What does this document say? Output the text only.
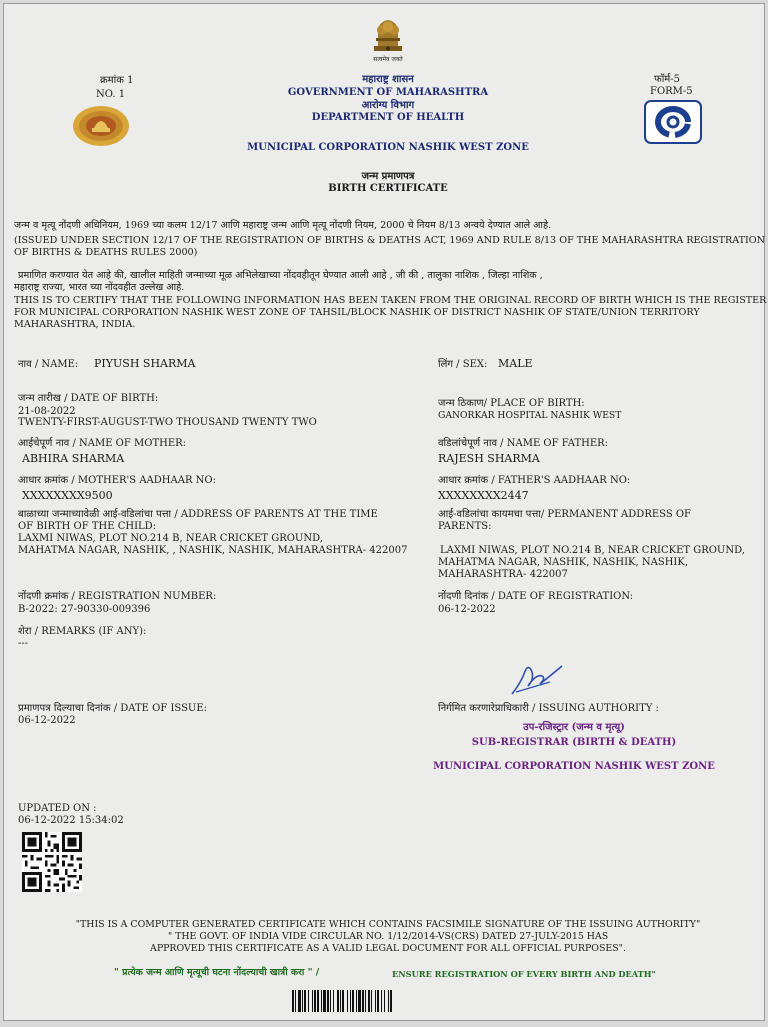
सत्यमेव जयते
क्रमांक 1
NO. 1
फॉर्म-5
FORM-5
महाराष्ट्र शासन
GOVERNMENT OF MAHARASHTRA
आरोग्य विभाग
DEPARTMENT OF HEALTH
MUNICIPAL CORPORATION NASHIK WEST ZONE
जन्म प्रमाणपत्र
BIRTH CERTIFICATE
जन्म व मृत्यू नोंदणी अधिनियम, 1969 च्या कलम 12/17 आणि महाराष्ट्र जन्म आणि मृत्यू नोंदणी नियम, 2000 चे नियम 8/13 अन्वये देण्यात आले आहे.
(ISSUED UNDER SECTION 12/17 OF THE REGISTRATION OF BIRTHS & DEATHS ACT, 1969 AND RULE 8/13 OF THE MAHARASHTRA REGISTRATION
OF BIRTHS & DEATHS RULES 2000)
प्रमाणित करण्यात येत आहे की, खालील माहिती जन्माच्या मूळ अभिलेखाच्या नोंदवहीतून घेण्यात आली आहे , जी की , तालुका नाशिक , जिल्हा नाशिक ,
महाराष्ट्र राज्या, भारत च्या नोंदवहीत उल्लेख आहे.
THIS IS TO CERTIFY THAT THE FOLLOWING INFORMATION HAS BEEN TAKEN FROM THE ORIGINAL RECORD OF BIRTH WHICH IS THE REGISTER
FOR MUNICIPAL CORPORATION NASHIK WEST ZONE OF TAHSIL/BLOCK NASHIK OF DISTRICT NASHIK OF STATE/UNION TERRITORY
MAHARASHTRA, INDIA.
नाव / NAME: PIYUSH SHARMA
जन्म तारीख / DATE OF BIRTH:
21-08-2022
TWENTY-FIRST-AUGUST-TWO THOUSAND TWENTY TWO
आईचेपूर्ण नाव / NAME OF MOTHER:
ABHIRA SHARMA
आधार क्रमांक / MOTHER'S AADHAAR NO:
XXXXXXXX9500
बाळाच्या जन्माच्यावेळी आई-वडिलांचा पत्ता / ADDRESS OF PARENTS AT THE TIME
OF BIRTH OF THE CHILD:
LAXMI NIWAS, PLOT NO.214 B, NEAR CRICKET GROUND,
MAHATMA NAGAR, NASHIK, , NASHIK, NASHIK, MAHARASHTRA- 422007
नोंदणी क्रमांक / REGISTRATION NUMBER:
B-2022: 27-90330-009396
शेरा / REMARKS (IF ANY):
---
प्रमाणपत्र दिल्याचा दिनांक / DATE OF ISSUE:
06-12-2022
लिंग / SEX: MALE
जन्म ठिकाण/ PLACE OF BIRTH:
GANORKAR HOSPITAL NASHIK WEST
वडिलांचेपूर्ण नाव / NAME OF FATHER:
RAJESH SHARMA
आधार क्रमांक / FATHER'S AADHAAR NO:
XXXXXXXX2447
आई-वडिलांचा कायमचा पत्ता/ PERMANENT ADDRESS OF
PARENTS:
LAXMI NIWAS, PLOT NO.214 B, NEAR CRICKET GROUND,
MAHATMA NAGAR, NASHIK, NASHIK, NASHIK,
MAHARASHTRA- 422007
नोंदणी दिनांक / DATE OF REGISTRATION:
06-12-2022
निर्गमित करणारेप्राधिकारी / ISSUING AUTHORITY :
उप-रजिस्ट्रार (जन्म व मृत्यू)
SUB-REGISTRAR (BIRTH & DEATH)
MUNICIPAL CORPORATION NASHIK WEST ZONE
UPDATED ON :
06-12-2022 15:34:02
"THIS IS A COMPUTER GENERATED CERTIFICATE WHICH CONTAINS FACSIMILE SIGNATURE OF THE ISSUING AUTHORITY"
" THE GOVT. OF INDIA VIDE CIRCULAR NO. 1/12/2014-VS(CRS) DATED 27-JULY-2015 HAS
APPROVED THIS CERTIFICATE AS A VALID LEGAL DOCUMENT FOR ALL OFFICIAL PURPOSES".
" प्रत्येक जन्म आणि मृत्यूची घटना नोंदल्याची खात्री करा " /	ENSURE REGISTRATION OF EVERY BIRTH AND DEATH"
